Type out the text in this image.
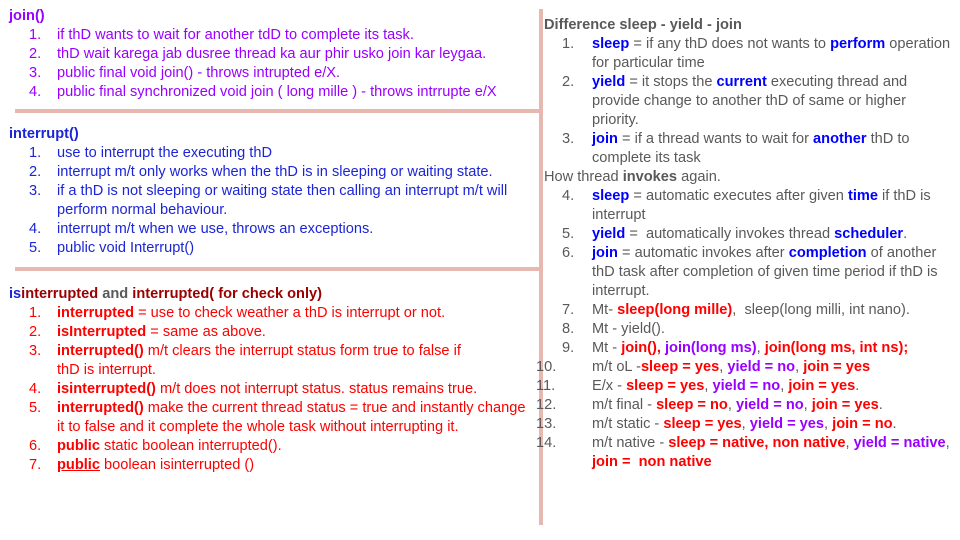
join()
1.	if thD wants to wait for another tdD to complete its task.
2.	thD wait karega jab dusree thread ka aur phir usko join kar leygaa.
3.	public final void join() - throws intrupted e/X.
4.	public final synchronized void join ( long mille ) - throws intrrupte e/X
interrupt()
1.	use to interrupt the executing thD
2.	interrupt m/t only works when the thD is in sleeping or waiting state.
3.	if a thD is not sleeping or waiting state then calling an interrupt m/t will perform normal behaviour.
4.	interrupt m/t when we use, throws an exceptions.
5.	public void Interrupt()
isinterrupted and interrupted( for check only)
1.	interrupted = use to check weather a thD is interrupt or not.
2.	isInterrupted = same as above.
3.	interrupted() m/t clears the interrupt status form true to false if thD is interrupt.
4.	isinterrupted() m/t does not interrupt status. status remains true.
5.	interrupted() make the current thread status = true and instantly change it to false and it complete the whole task without interrupting it.
6.	public static boolean interrupted().
7.	public boolean isinterrupted ()
Difference sleep - yield - join
1.	sleep = if any thD does not wants to perform operation for particular time
2.	yield = it stops the current executing thread and provide change to another thD of same or higher priority.
3.	join = if a thread wants to wait for another thD to complete its task
How thread invokes again.
4.	sleep = automatic executes after given time if thD is interrupt
5.	yield =  automatically invokes thread scheduler.
6.	join = automatic invokes after completion of another thD task after completion of given time period if thD is interrupt.
7.	Mt- sleep(long mille),  sleep(long milli, int nano).
8.	Mt - yield().
9.	Mt - join(), join(long ms), join(long ms, int ns);
10.	m/t oL -sleep = yes, yield = no, join = yes
11.	E/x - sleep = yes, yield = no, join = yes.
12.	m/t final - sleep = no, yield = no, join = yes.
13.	m/t static - sleep = yes, yield = yes, join = no.
14.	m/t native - sleep = native, non native, yield = native, join =  non native
